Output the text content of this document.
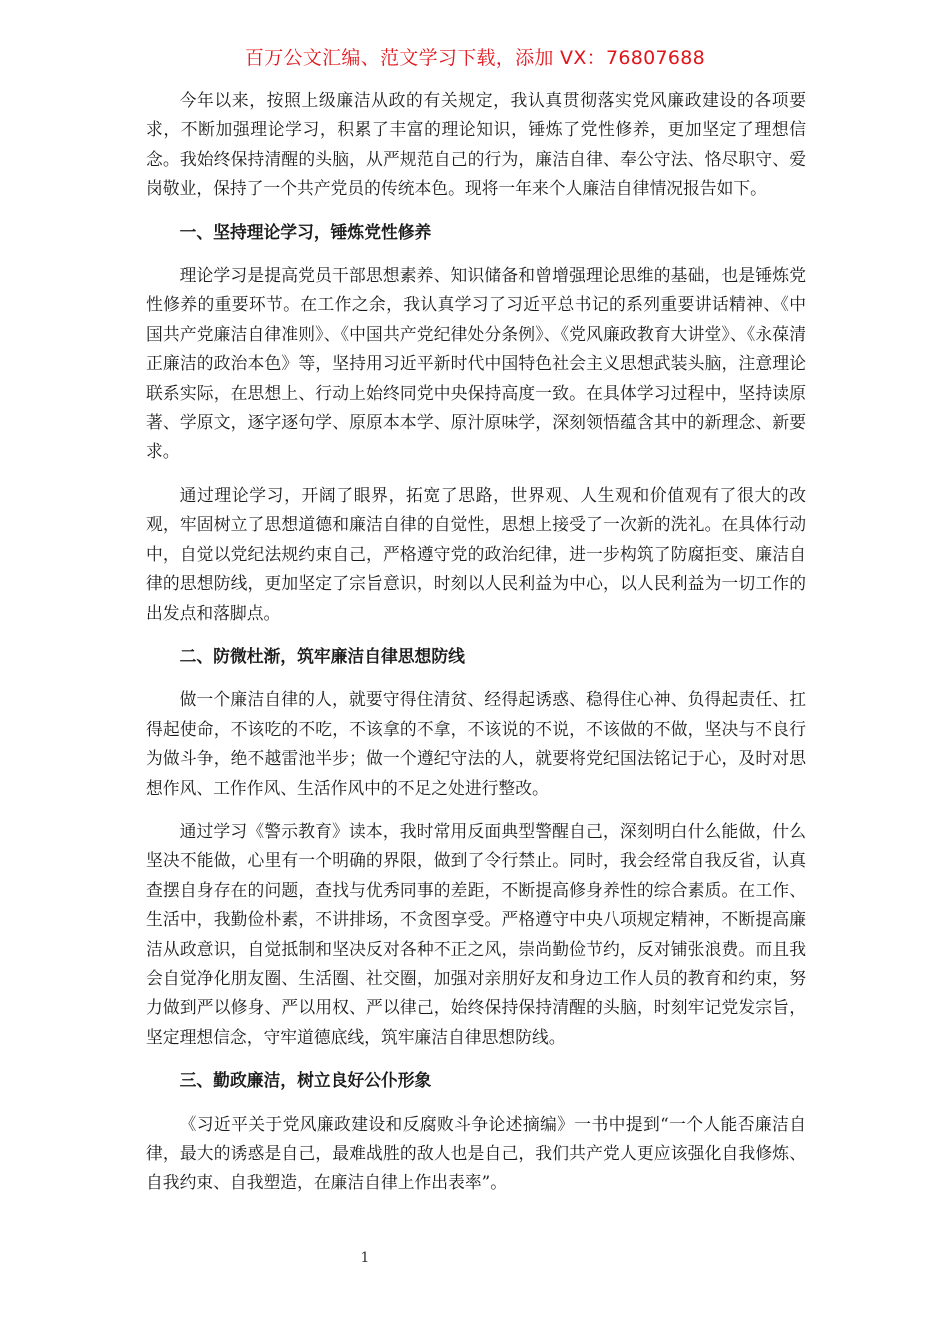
百万公文汇编、范文学习下载，添加 VX：76807688

今年以来，按照上级廉洁从政的有关规定，我认真贯彻落实党风廉政建设的各项要求，不断加强理论学习，积累了丰富的理论知识，锤炼了党性修养，更加坚定了理想信念。我始终保持清醒的头脑，从严规范自己的行为，廉洁自律、奉公守法、恪尽职守、爱岗敬业，保持了一个共产党员的传统本色。现将一年来个人廉洁自律情况报告如下。

一、坚持理论学习，锤炼党性修养

理论学习是提高党员干部思想素养、知识储备和曾增强理论思维的基础，也是锤炼党性修养的重要环节。在工作之余，我认真学习了习近平总书记的系列重要讲话精神、《中国共产党廉洁自律准则》、《中国共产党纪律处分条例》、《党风廉政教育大讲堂》、《永葆清正廉洁的政治本色》等，坚持用习近平新时代中国特色社会主义思想武装头脑，注意理论联系实际，在思想上、行动上始终同党中央保持高度一致。在具体学习过程中，坚持读原著、学原文，逐字逐句学、原原本本学、原汁原味学，深刻领悟蕴含其中的新理念、新要求。

通过理论学习，开阔了眼界，拓宽了思路，世界观、人生观和价值观有了很大的改观，牢固树立了思想道德和廉洁自律的自觉性，思想上接受了一次新的洗礼。在具体行动中，自觉以党纪法规约束自己，严格遵守党的政治纪律，进一步构筑了防腐拒变、廉洁自律的思想防线，更加坚定了宗旨意识，时刻以人民利益为中心，以人民利益为一切工作的出发点和落脚点。

二、防微杜渐，筑牢廉洁自律思想防线

做一个廉洁自律的人，就要守得住清贫、经得起诱惑、稳得住心神、负得起责任、扛得起使命，不该吃的不吃，不该拿的不拿，不该说的不说，不该做的不做，坚决与不良行为做斗争，绝不越雷池半步；做一个遵纪守法的人，就要将党纪国法铭记于心，及时对思想作风、工作作风、生活作风中的不足之处进行整改。

通过学习《警示教育》读本，我时常用反面典型警醒自己，深刻明白什么能做，什么坚决不能做，心里有一个明确的界限，做到了令行禁止。同时，我会经常自我反省，认真查摆自身存在的问题，查找与优秀同事的差距，不断提高修身养性的综合素质。在工作、生活中，我勤俭朴素，不讲排场，不贪图享受。严格遵守中央八项规定精神，不断提高廉洁从政意识，自觉抵制和坚决反对各种不正之风，崇尚勤俭节约，反对铺张浪费。而且我会自觉净化朋友圈、生活圈、社交圈，加强对亲朋好友和身边工作人员的教育和约束，努力做到严以修身、严以用权、严以律己，始终保持保持清醒的头脑，时刻牢记党发宗旨，坚定理想信念，守牢道德底线，筑牢廉洁自律思想防线。

三、勤政廉洁，树立良好公仆形象

《习近平关于党风廉政建设和反腐败斗争论述摘编》一书中提到“一个人能否廉洁自律，最大的诱惑是自己，最难战胜的敌人也是自己，我们共产党人更应该强化自我修炼、自我约束、自我塑造，在廉洁自律上作出表率”。

1
